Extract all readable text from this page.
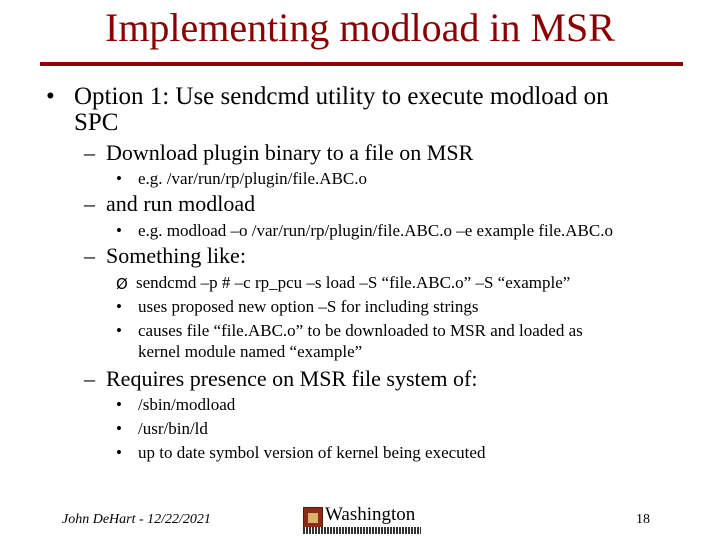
Implementing modload in MSR
• Option 1: Use sendcmd utility to execute modload on
SPC
– Download plugin binary to a file on MSR
• e.g. /var/run/rp/plugin/file.ABC.o
– and run modload
• e.g. modload –o /var/run/rp/plugin/file.ABC.o –e example file.ABC.o
– Something like:
Ø sendcmd –p # –c rp_pcu –s load –S “file.ABC.o” –S “example”
• uses proposed new option –S for including strings
• causes file “file.ABC.o” to be downloaded to MSR and loaded as
kernel module named “example”
– Requires presence on MSR file system of:
• /sbin/modload
• /usr/bin/ld
• up to date symbol version of kernel being executed
John DeHart - 12/22/2021	Washington	18
